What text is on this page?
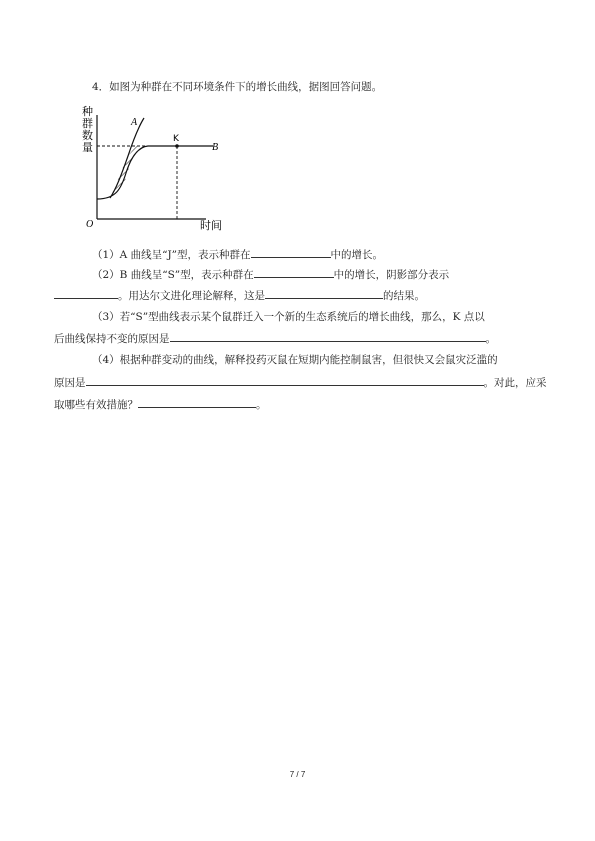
4．如图为种群在不同环境条件下的增长曲线，据图回答问题。
种
群
数
量
A
K
B
O	时间
（1）A 曲线呈“J”型，表示种群在	中的增长。
（2）B 曲线呈“S”型，表示种群在	中的增长，阴影部分表示
。用达尔文进化理论解释，这是	的结果。
（3）若“S”型曲线表示某个鼠群迁入一个新的生态系统后的增长曲线，那么，K 点以
后曲线保持不变的原因是	。
（4）根据种群变动的曲线，解释投药灭鼠在短期内能控制鼠害，但很快又会鼠灾泛滥的
原因是	。对此，应采
取哪些有效措施？	。
7 / 7
